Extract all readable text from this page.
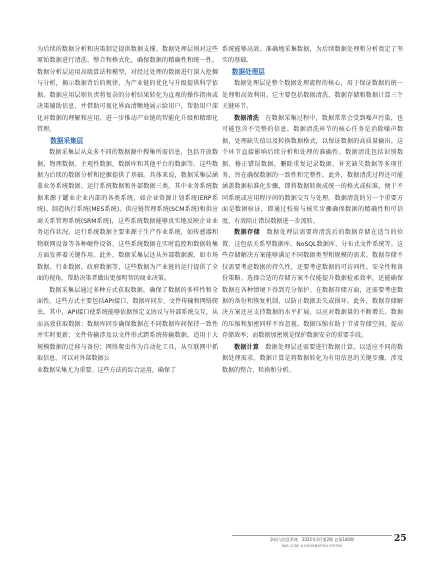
为后续的数据分析和决策制定提供数据支撑。数据处理层则对这些原始数据进行清洗、整合和格式化，确保数据的精确性和统一性。数据分析层运用高级算法和模型，对经过处理的数据进行深入挖掘与分析，揭示数据背后的规律，为产业链的优化与升级提供科学依据。数据应用层则负责将复杂的分析结果转化为直观的操作指南或决策辅助信息，并借助可视化界面清晰地展示给用户，帮助用户深化对数据的理解和应用，进一步推动产业链的智能化升级和精细化管理。

数据采集层

数据采集层从众多不同的数据源中搜集所需信息，包括开放数据、物理数据、主观性数据、数据库和其他平台的数据等。这些数据为后续的数据分析和挖掘提供了基础。具体来说，数据采集层涵盖业务系统数据、运行系统数据和外部数据三类。其中业务系统数据来源于罐业企业内部的各类系统，如企业资源计划系统(ERP系统)、制造执行系统(MES系统)、供应链管理系统(SCM系统)和供应商关系管理系统(SRM系统)，这些系统数据能够真实地反映企业业务运作状况。运行系统数据主要来源于生产作业系统，如传感器和物联网设备等各种硬件设备，这些系统数据在实时监控和数据收集方面发挥着关键作用。此外，数据采集层还从外部数据源，如市场数据、行业数据、政府数据等，这些数据为产业链的运行提供了全面的视角，帮助决策者做出更加明智的商业决策。

数据采集层通过多种方式获取数据，确保了数据的多样性和全面性。这些方式主要包括API接口、数据库同步、文件传输和网络爬虫。其中，API接口使系统能够依据预定义协议与外部系统交互，从而高效获取数据；数据库同步确保数据在不同数据库间保持一致性并实时更新；文件传输涉及以文件形式跨系统传输数据，适用于大规模数据的迁移与备份；网络爬虫作为自动化工具，从互联网中抓取信息，可以对外部数据公

业数据采集尤为重要。这些方法的综合运用，确保了

系统能够高效、准确地采集数据，为后续数据处理和分析奠定了坚实的基础。

数据处理层

数据处理层是整个数据处理流程的核心，用于保证数据的统一处理和高效利用。它主要包括数据清洗、数据存储和数据计算三个关键环节。

数据清洗　 在数据采集过程中，数据常常会受到噪声污染，也可能包含不完整的信息。数据清洗环节的核心任务是消除噪声数据，处理缺失值以及转换数据格式，以保证数据的高质量输出。这个环节直接影响后续分析和处理的准确性。数据清洗包括识别数据、修正错误数据、删除重复记录数据、补充缺失数据等多项任务，旨在确保数据的一致性和完整性。此外，数据清洗过程还可能涵盖数据标准化步骤，即将数据转换成统一的格式或标准，便于不同系统或应用程序间的数据交互与处理。数据清洗的另一个重要方面是数据验证，即通过校验与核实步骤确保数据的精确性和可信度，有效阻止错误数据进一步流转。

数据存储　 数据处理层需要将清洗后的数据存储在适当的位置，这包括关系型数据库、NoSQL数据库、分布式文件系统等。这些存储解决方案能够满足不同数据类型和规模的需求。数据存储不仅需要考虑数据的持久性，还要考虑数据的可访问性、安全性和备份策略。选择合适的存储方案不仅能提升数据检索效率，还能确保数据在各种情境下得到充分保护。在数据存储方面，还需要考虑数据的备份和恢复机制，以防止数据丢失或损坏。此外，数据存储解决方案还应支持数据的水平扩展，以应对数据量的不断增长。数据的压缩和加密同样不容忽视。数据压缩有助于节省存储空间，提高存储效率；而数据加密则是保护数据安全的重要手段。

数据计算　 数据处理层还需要进行数据计算，以适应不同的数据处理需求。数据计算是将数据转化为有用信息的关键步骤，涉及数据的整合、转换和分析。

条码与信息系统　 2025年3月第2期 总第180期
BAR CODE & INFORMATION SYSTEM
25
